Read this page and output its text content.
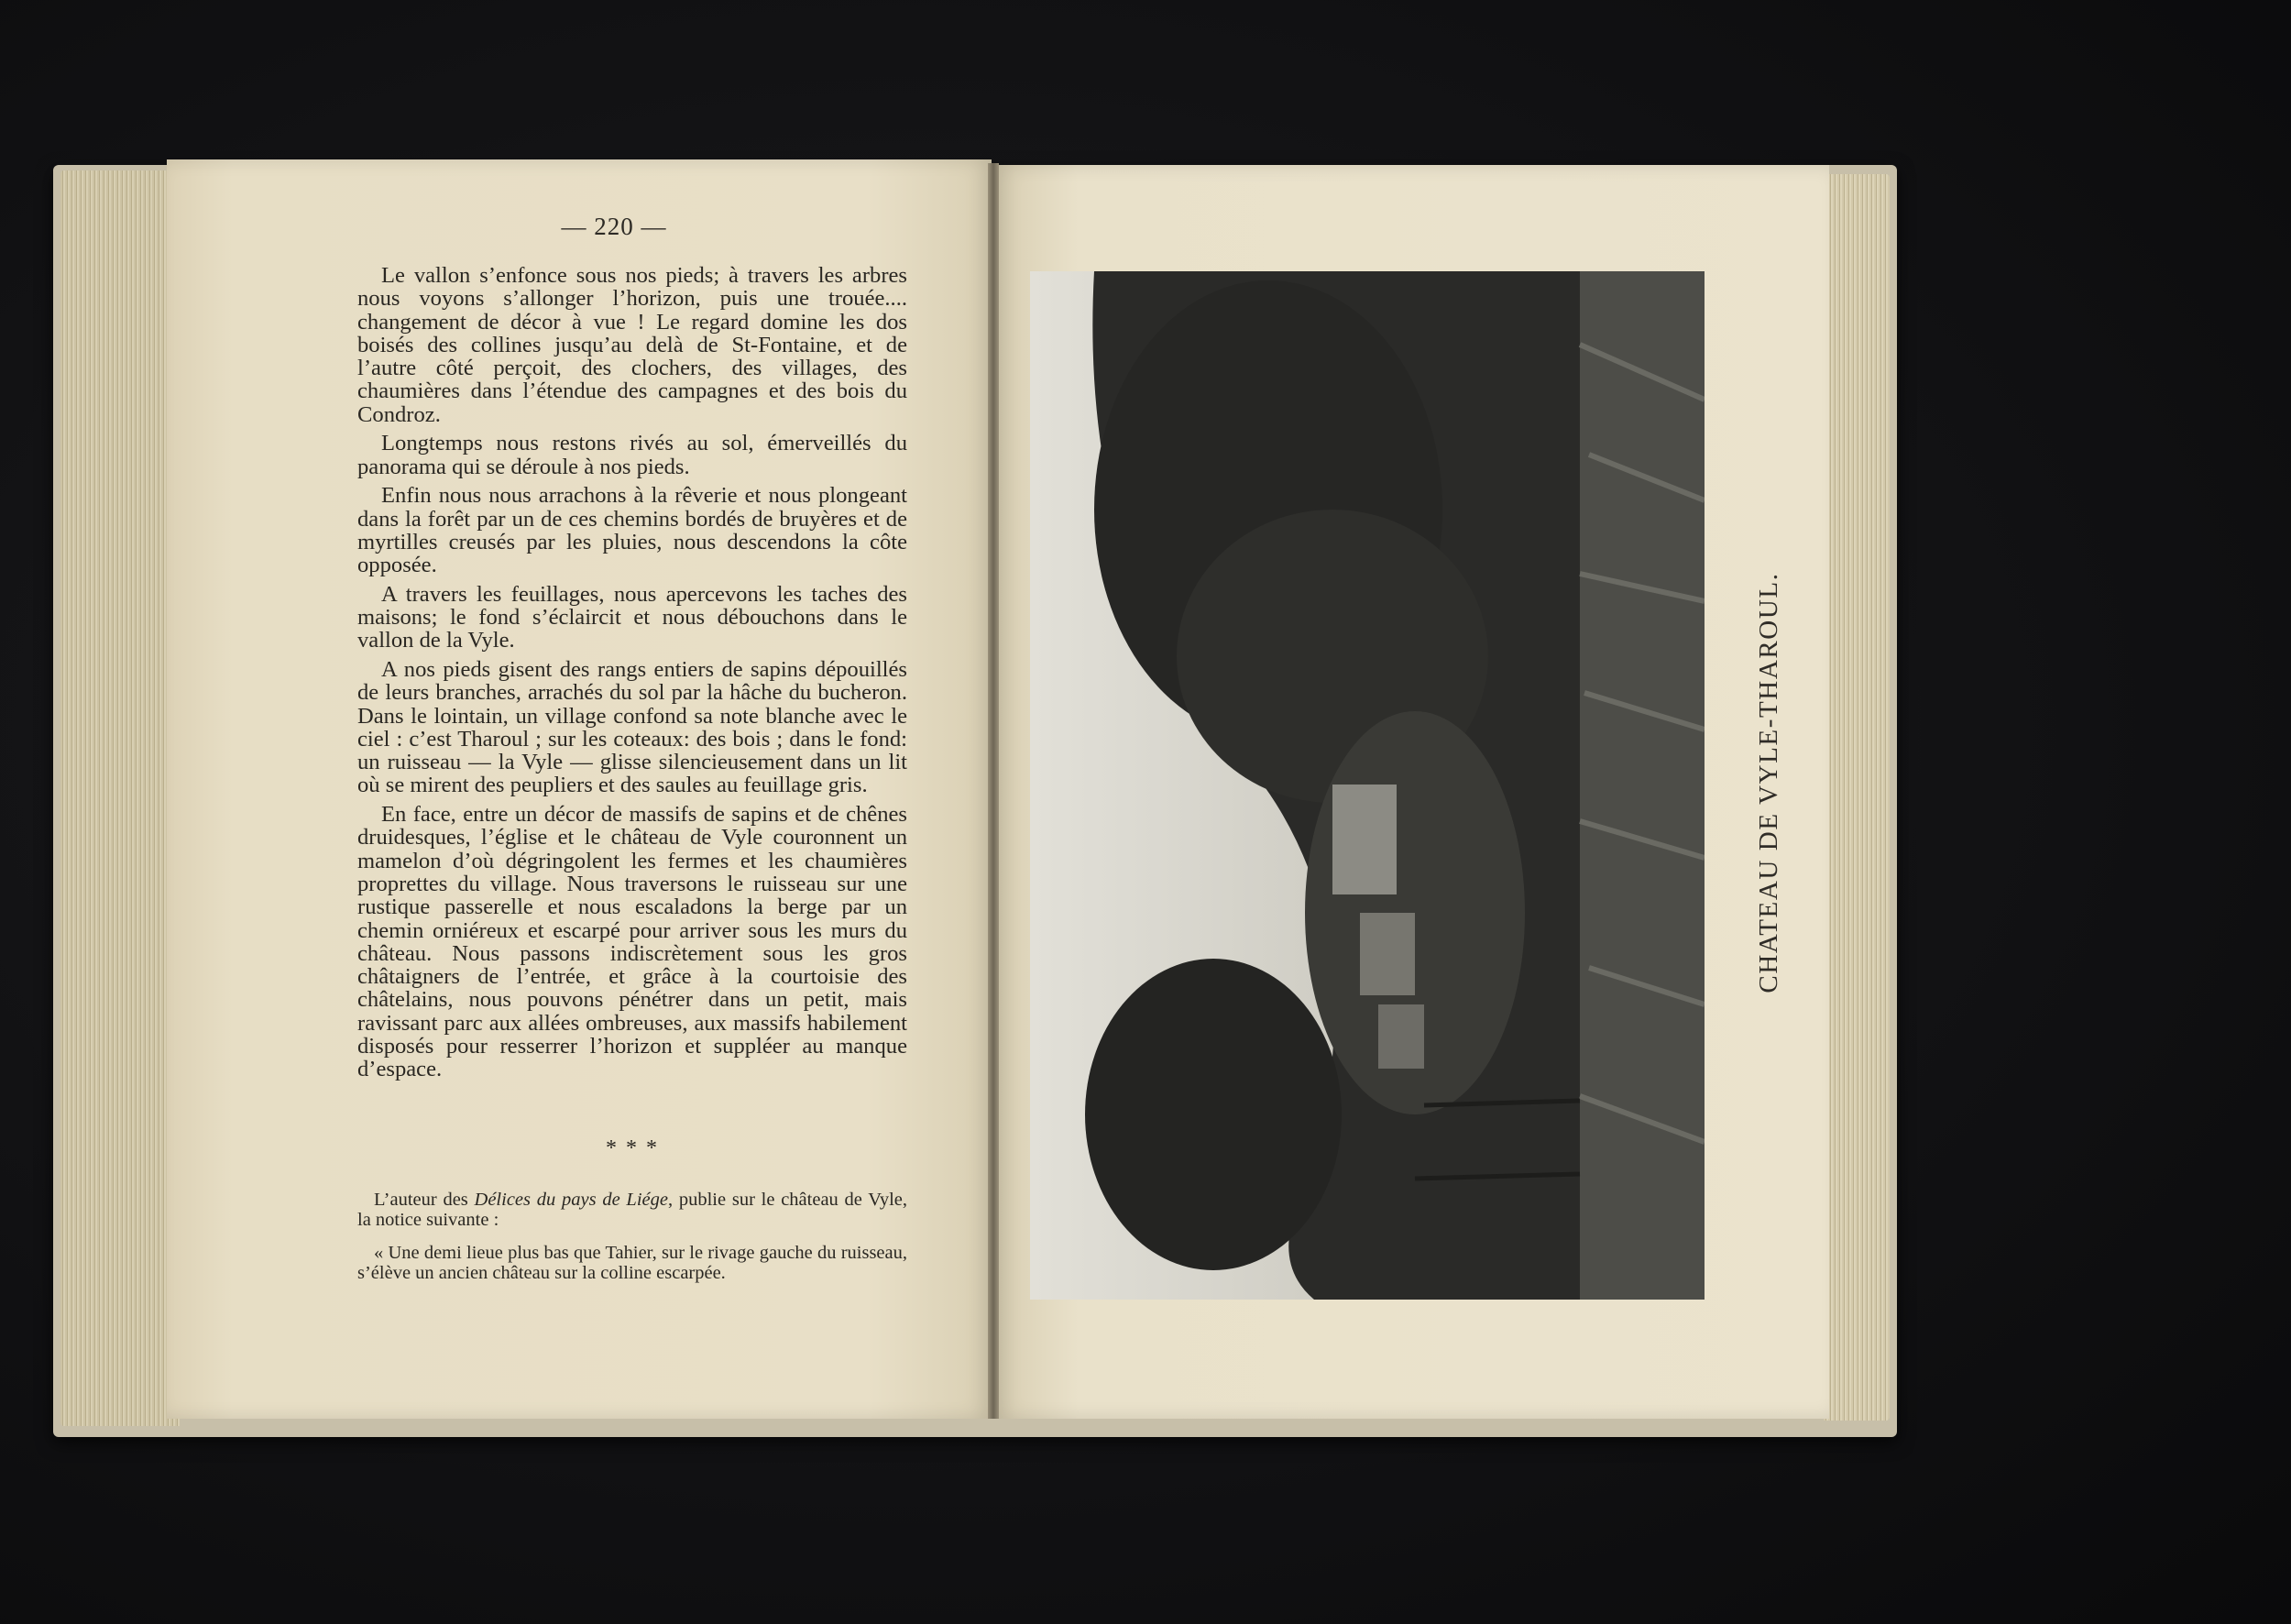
— 220 —

Le vallon s’enfonce sous nos pieds; à travers les arbres nous voyons s’allonger l’horizon, puis une trouée.... changement de décor à vue ! Le regard domine les dos boisés des collines jusqu’au delà de St-Fontaine, et de l’autre côté perçoit, des clochers, des villages, des chaumières dans l’étendue des campagnes et des bois du Condroz.

Longtemps nous restons rivés au sol, émerveillés du panorama qui se déroule à nos pieds.

Enfin nous nous arrachons à la rêverie et nous plongeant dans la forêt par un de ces chemins bordés de bruyères et de myrtilles creusés par les pluies, nous descendons la côte opposée.

A travers les feuillages, nous apercevons les taches des maisons; le fond s’éclaircit et nous débouchons dans le vallon de la Vyle.

A nos pieds gisent des rangs entiers de sapins dépouillés de leurs branches, arrachés du sol par la hâche du bucheron. Dans le lointain, un village confond sa note blanche avec le ciel : c’est Tharoul ; sur les coteaux: des bois ; dans le fond: un ruisseau — la Vyle — glisse silencieusement dans un lit où se mirent des peupliers et des saules au feuillage gris.

En face, entre un décor de massifs de sapins et de chênes druidesques, l’église et le château de Vyle couronnent un mamelon d’où dégringolent les fermes et les chaumières proprettes du village. Nous traversons le ruisseau sur une rustique passerelle et nous escaladons la berge par un chemin orniéreux et escarpé pour arriver sous les murs du château. Nous passons indiscrètement sous les gros châtaigners de l’entrée, et grâce à la courtoisie des châtelains, nous pouvons pénétrer dans un petit, mais ravissant parc aux allées ombreuses, aux massifs habilement disposés pour resserrer l’horizon et suppléer au manque d’espace.

* * *

L’auteur des Délices du pays de Liége, publie sur le château de Vyle, la notice suivante :

« Une demi lieue plus bas que Tahier, sur le rivage gauche du ruisseau, s’élève un ancien château sur la colline escarpée.

CHATEAU DE VYLE-THAROUL.
